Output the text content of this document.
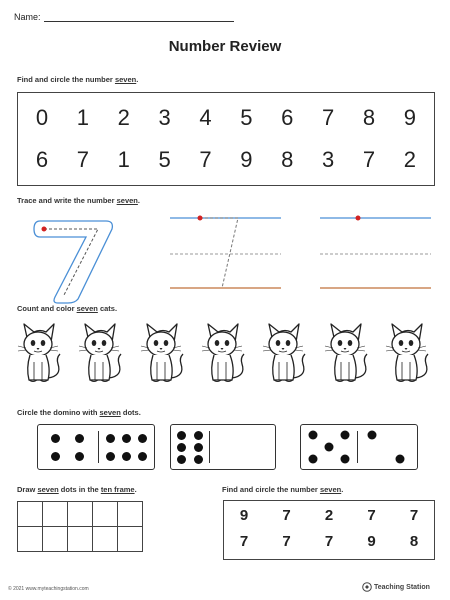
Name:
Number Review
Find and circle the number seven.
0 1 2 3 4 5 6 7 8 9
6 7 1 5 7 9 8 3 7 2
Trace and write the number seven.
Count and color seven cats.
Circle the domino with seven dots.
Draw seven dots in the ten frame.

					Find and circle the number seven.
9	7	2	7	7
7	7	7	9	8
© 2021 www.myteachingstation.com	Teaching Station
